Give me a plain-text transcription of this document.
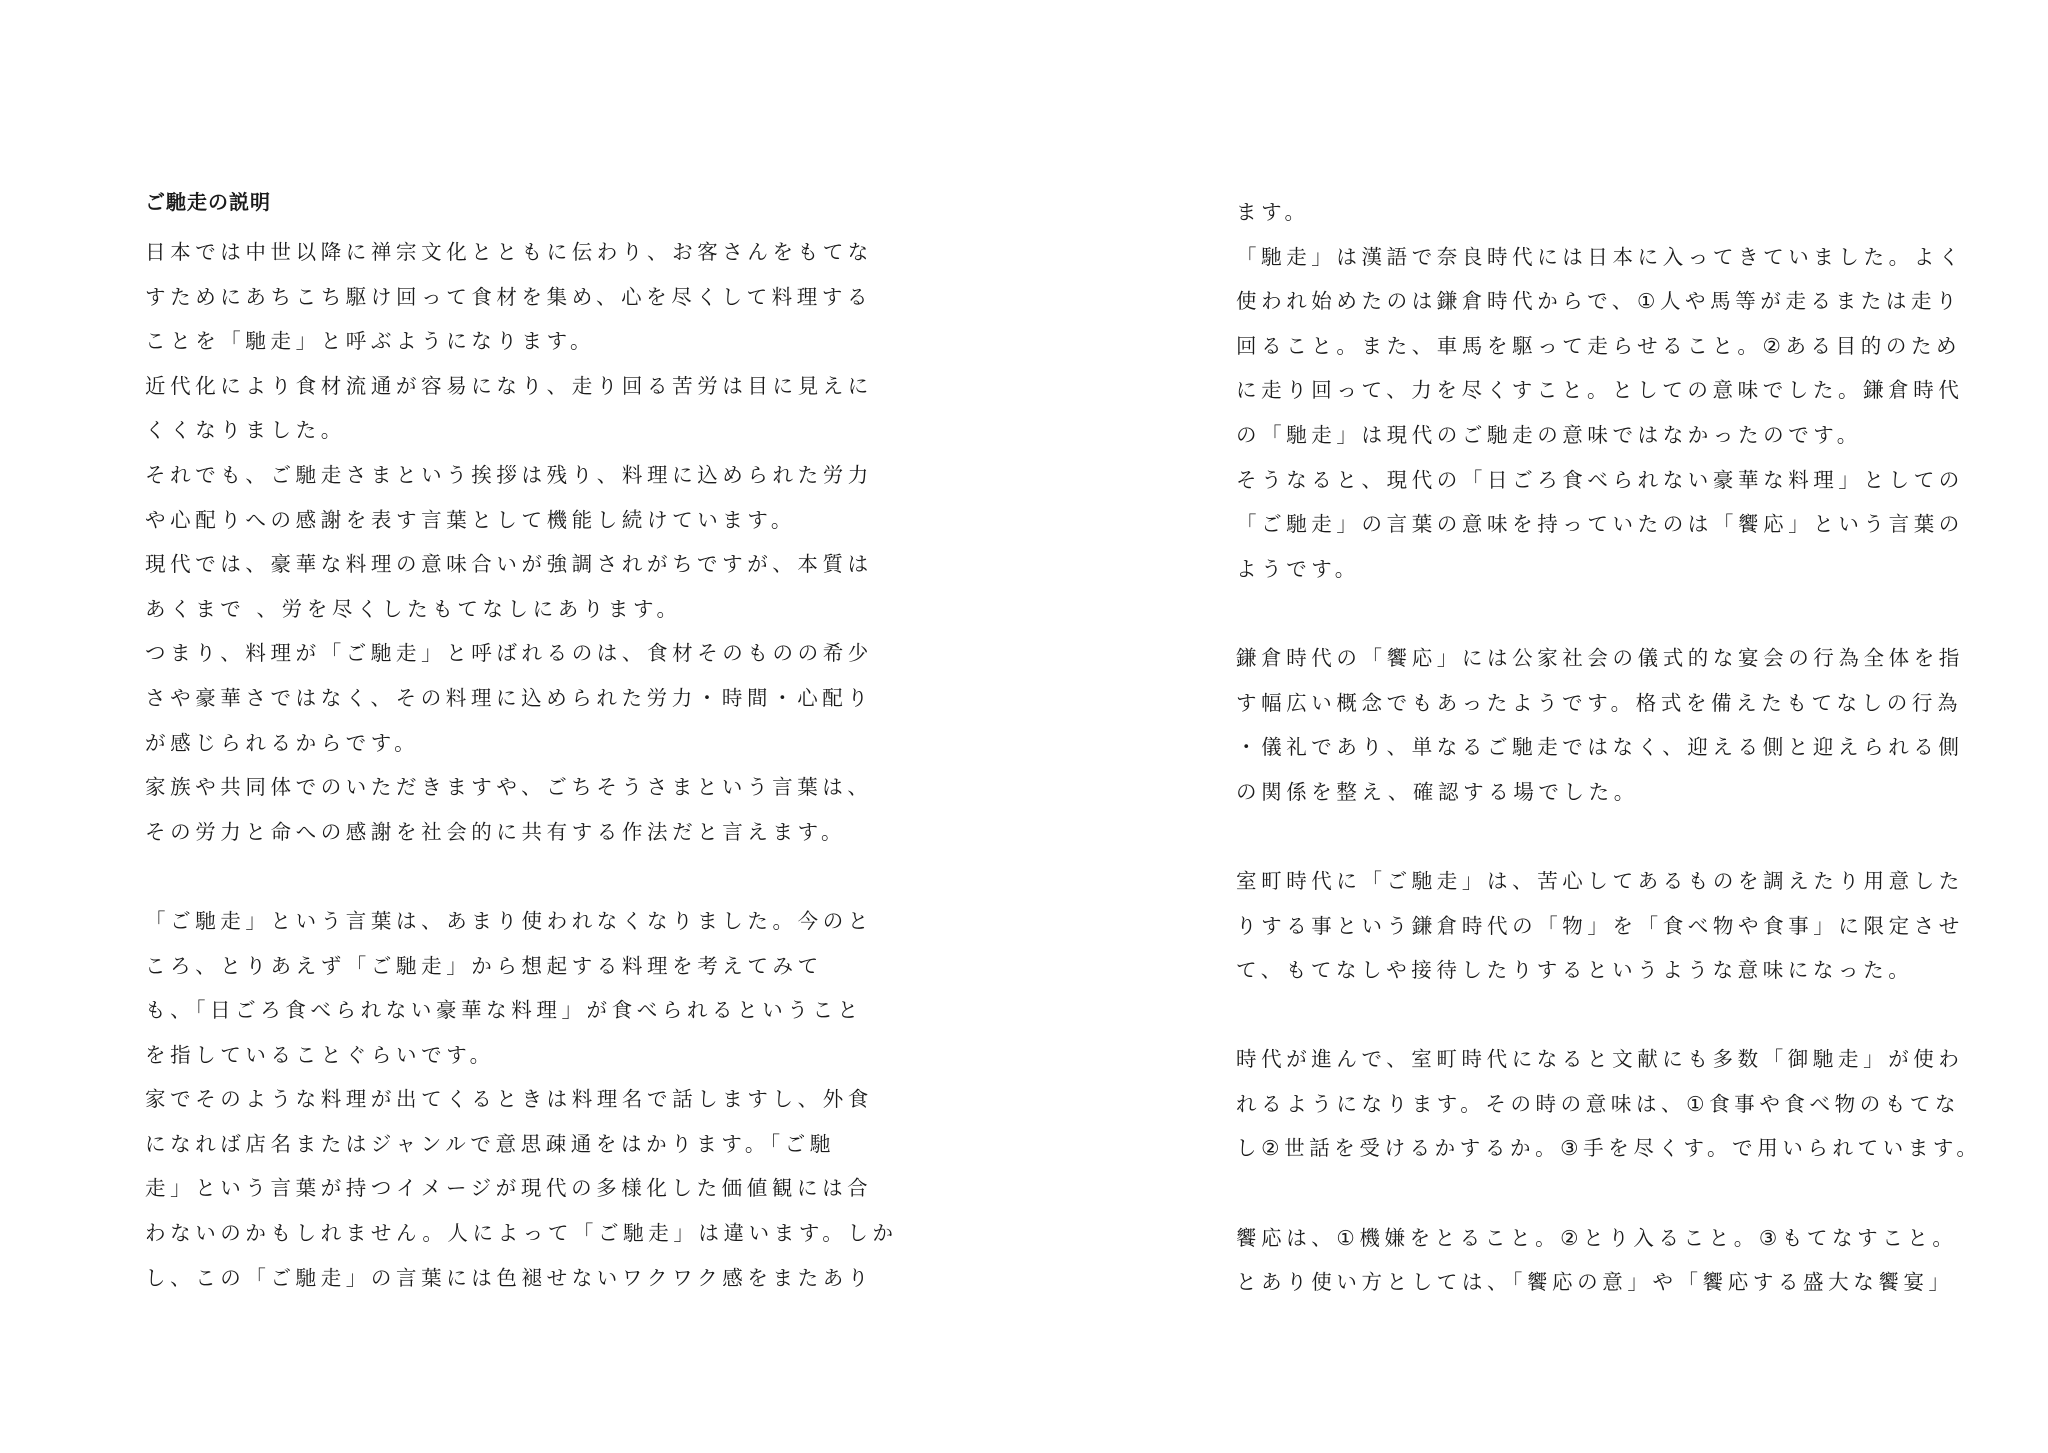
ご馳走の説明
日本では中世以降に禅宗文化とともに伝わり、お客さんをもてな
すためにあちこち駆け回って食材を集め、心を尽くして料理する
ことを「馳走」と呼ぶようになります。
近代化により食材流通が容易になり、走り回る苦労は目に見えに
くくなりました。
それでも、ご馳走さまという挨拶は残り、料理に込められた労力
や心配りへの感謝を表す言葉として機能し続けています。
現代では、豪華な料理の意味合いが強調されがちですが、本質は
あくまで 、労を尽くしたもてなしにあります。
つまり、料理が「ご馳走」と呼ばれるのは、食材そのものの希少
さや豪華さではなく、その料理に込められた労力・時間・心配り
が感じられるからです。
家族や共同体でのいただきますや、ごちそうさまという言葉は、
その労力と命への感謝を社会的に共有する作法だと言えます。
「ご馳走」という言葉は、あまり使われなくなりました。今のと
ころ、とりあえず「ご馳走」から想起する料理を考えてみて
も、「日ごろ食べられない豪華な料理」が食べられるということ
を指していることぐらいです。
家でそのような料理が出てくるときは料理名で話しますし、外食
になれば店名またはジャンルで意思疎通をはかります。「ご馳
走」という言葉が持つイメージが現代の多様化した価値観には合
わないのかもしれません。人によって「ご馳走」は違います。しか
し、この「ご馳走」の言葉には色褪せないワクワク感をまたあり
ます。
「馳走」は漢語で奈良時代には日本に入ってきていました。よく
使われ始めたのは鎌倉時代からで、①人や馬等が走るまたは走り
回ること。また、車馬を駆って走らせること。②ある目的のため
に走り回って、力を尽くすこと。としての意味でした。鎌倉時代
の「馳走」は現代のご馳走の意味ではなかったのです。
そうなると、現代の「日ごろ食べられない豪華な料理」としての
「ご馳走」の言葉の意味を持っていたのは「饗応」という言葉の
ようです。
鎌倉時代の「饗応」には公家社会の儀式的な宴会の行為全体を指
す幅広い概念でもあったようです。格式を備えたもてなしの行為
・儀礼であり、単なるご馳走ではなく、迎える側と迎えられる側
の関係を整え、確認する場でした。
室町時代に「ご馳走」は、苦心してあるものを調えたり用意した
りする事という鎌倉時代の「物」を「食べ物や食事」に限定させ
て、もてなしや接待したりするというような意味になった。
時代が進んで、室町時代になると文献にも多数「御馳走」が使わ
れるようになります。その時の意味は、①食事や食べ物のもてな
し②世話を受けるかするか。③手を尽くす。で用いられています。
饗応は、①機嫌をとること。②とり入ること。③もてなすこと。
とあり使い方としては、「饗応の意」や「饗応する盛大な饗宴」
